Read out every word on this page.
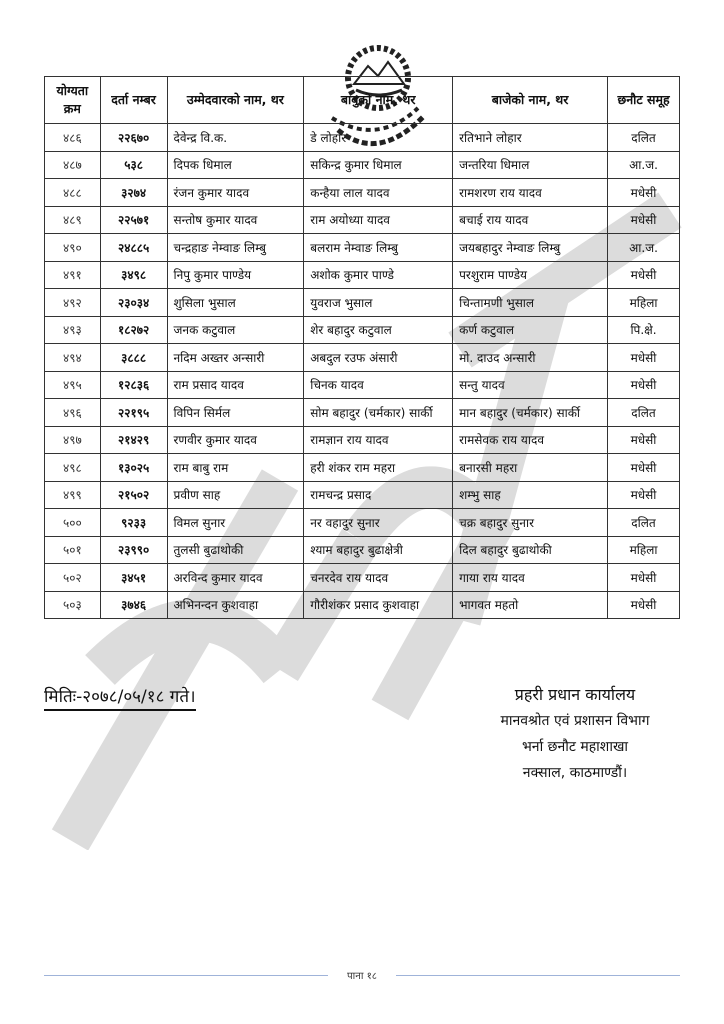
योग्यता क्रम	दर्ता नम्बर	उम्मेदवारको नाम, थर	बाबुको नाम, थर	बाजेको नाम, थर	छनौट समूह
४८६	२२६७०	देवेन्द्र वि.क.	डे लोहार	रतिभाने लोहार	दलित
४८७	५३८	दिपक धिमाल	सकिन्द्र कुमार धिमाल	जन्तरिया धिमाल	आ.ज.
४८८	३२७४	रंजन कुमार यादव	कन्हैया लाल यादव	रामशरण राय यादव	मधेसी
४८९	२२५७१	सन्तोष कुमार यादव	राम अयोध्या यादव	बचाई राय यादव	मधेसी
४९०	२४८८५	चन्द्रहाङ नेम्वाङ लिम्बु	बलराम नेम्वाङ लिम्बु	जयबहादुर नेम्वाङ लिम्बु	आ.ज.
४९१	३४९८	निपु कुमार पाण्डेय	अशोक कुमार पाण्डे	परशुराम पाण्डेय	मधेसी
४९२	२३०३४	शुसिला भुसाल	युवराज भुसाल	चिन्तामणी भुसाल	महिला
४९३	१८२७२	जनक कटुवाल	शेर बहादुर कटुवाल	कर्ण कटुवाल	पि.क्षे.
४९४	३८८८	नदिम अख्तर अन्सारी	अबदुल रउफ अंसारी	मो. दाउद अन्सारी	मधेसी
४९५	१२८३६	राम प्रसाद यादव	चिनक यादव	सन्तु यादव	मधेसी
४९६	२२१९५	विपिन सिर्मल	सोम बहादुर (चर्मकार) सार्की	मान बहादुर (चर्मकार) सार्की	दलित
४९७	२१४२९	रणवीर कुमार यादव	रामज्ञान राय यादव	रामसेवक राय यादव	मधेसी
४९८	१३०२५	राम बाबु राम	हरी शंकर राम महरा	बनारसी महरा	मधेसी
४९९	२१५०२	प्रवीण साह	रामचन्द्र प्रसाद	शम्भु साह	मधेसी
५००	९२३३	विमल सुनार	नर वहादुर सुनार	चक्र बहादुर सुनार	दलित
५०१	२३९९०	तुलसी बुढाथोकी	श्याम बहादुर बुढाक्षेत्री	दिल बहादुर बुढाथोकी	महिला
५०२	३४५१	अरविन्द कुमार यादव	चनरदेव राय यादव	गाया राय यादव	मधेसी
५०३	३७४६	अभिनन्दन कुशवाहा	गौरीशंकर प्रसाद कुशवाहा	भागवत महतो	मधेसी
मितिः-२०७८/०५/१८ गते।	प्रहरी प्रधान कार्यालय
मानवश्रोत एवं प्रशासन विभाग
भर्ना छनौट महाशाखा
नक्साल, काठमाण्डौं।
पाना १८
